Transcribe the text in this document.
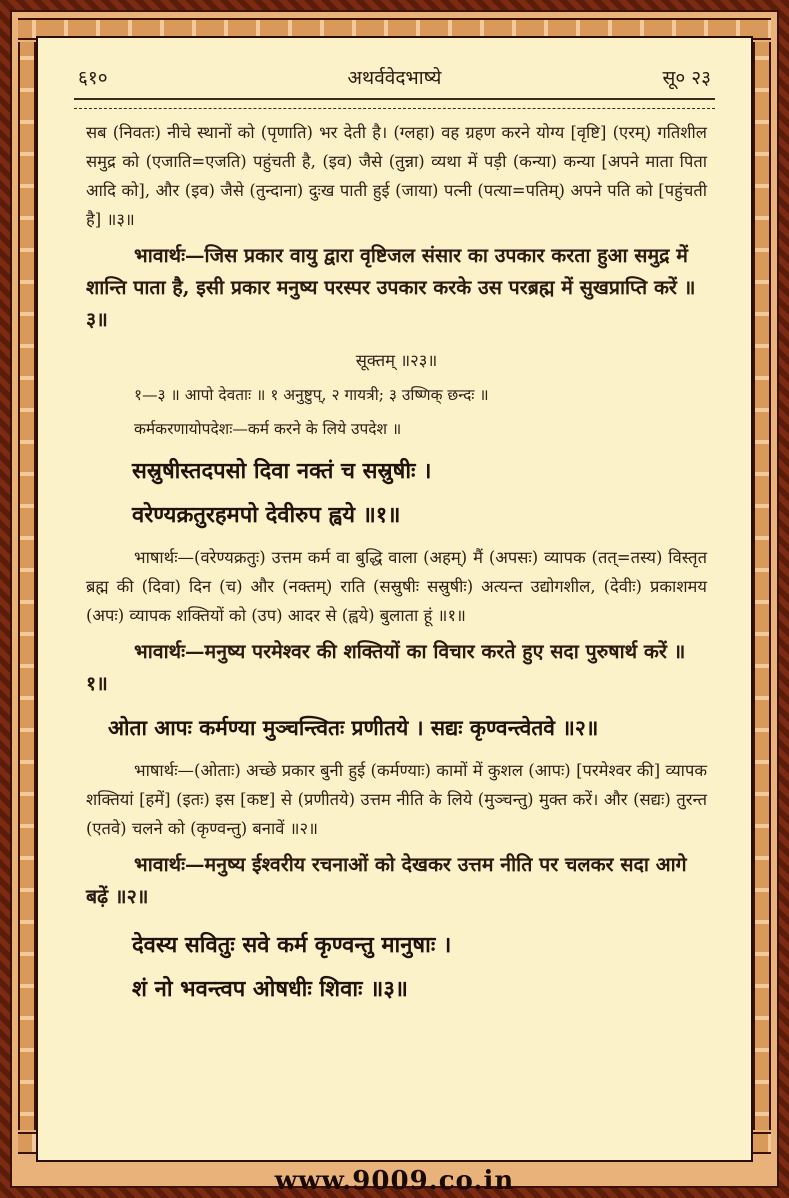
६१०	अथर्ववेदभाष्ये	सू० २३

सब (निवतः) नीचे स्थानों को (पृणाति) भर देती है। (ग्लहा) वह ग्रहण करने योग्य [वृष्टि] (एरम्) गतिशील समुद्र को (एजाति=एजति) पहुंचती है, (इव) जैसे (तुन्ना) व्यथा में पड़ी (कन्या) कन्या [अपने माता पिता आदि को], और (इव) जैसे (तुन्दाना) दुःख पाती हुई (जाया) पत्नी (पत्या=पतिम्) अपने पति को [पहुंचती है] ॥३॥

भावार्थः—जिस प्रकार वायु द्वारा वृष्टिजल संसार का उपकार करता हुआ समुद्र में शान्ति पाता है, इसी प्रकार मनुष्य परस्पर उपकार करके उस परब्रह्म में सुखप्राप्ति करें ॥३॥

सूक्तम् ॥२३॥

१—३ ॥ आपो देवताः ॥ १ अनुष्टुप्, २ गायत्री; ३ उष्णिक् छन्दः ॥

कर्मकरणायोपदेशः—कर्म करने के लिये उपदेश ॥

सस्रुषीस्तदपसो दिवा नक्तं च सस्रुषीः ।

वरेण्यक्रतुरहमपो देवीरुप ह्वये ॥१॥

भाषार्थः—(वरेण्यक्रतुः) उत्तम कर्म वा बुद्धि वाला (अहम्) मैं (अपसः) व्यापक (तत्=तस्य) विस्तृत ब्रह्म की (दिवा) दिन (च) और (नक्तम्) राति (सस्रुषीः सस्रुषीः) अत्यन्त उद्योगशील, (देवीः) प्रकाशमय (अपः) व्यापक शक्तियों को (उप) आदर से (ह्वये) बुलाता हूं ॥१॥

भावार्थः—मनुष्य परमेश्वर की शक्तियों का विचार करते हुए सदा पुरुषार्थ करें ॥१॥

ओता आपः कर्मण्या मुञ्चन्त्वितः प्रणीतये । सद्यः कृण्वन्त्वेतवे ॥२॥

भाषार्थः—(ओताः) अच्छे प्रकार बुनी हुई (कर्मण्याः) कामों में कुशल (आपः) [परमेश्वर की] व्यापक शक्तियां [हमें] (इतः) इस [कष्ट] से (प्रणीतये) उत्तम नीति के लिये (मुञ्चन्तु) मुक्त करें। और (सद्यः) तुरन्त (एतवे) चलने को (कृण्वन्तु) बनावें ॥२॥

भावार्थः—मनुष्य ईश्वरीय रचनाओं को देखकर उत्तम नीति पर चलकर सदा आगे बढ़ें ॥२॥

देवस्य सवितुः सवे कर्म कृण्वन्तु मानुषाः ।

शं नो भवन्त्वप ओषधीः शिवाः ॥३॥

www.9009.co.in
